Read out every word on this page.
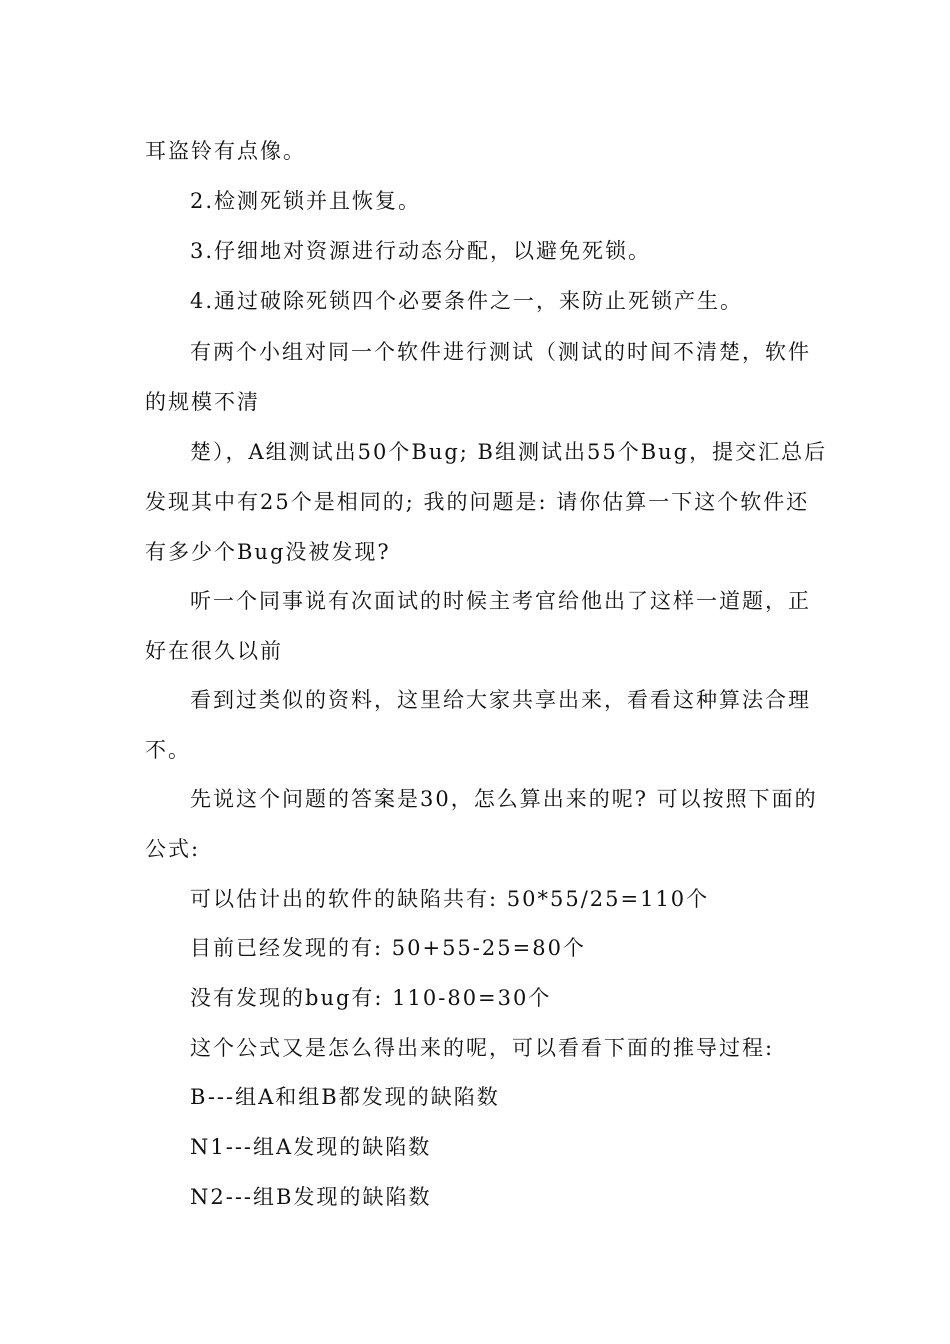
耳盗铃有点像。
2.检测死锁并且恢复。
3.仔细地对资源进行动态分配，以避免死锁。
4.通过破除死锁四个必要条件之一，来防止死锁产生。
有两个小组对同一个软件进行测试（测试的时间不清楚，软件
的规模不清
楚），A组测试出50个Bug; B组测试出55个Bug，提交汇总后
发现其中有25个是相同的; 我的问题是: 请你估算一下这个软件还
有多少个Bug没被发现?
听一个同事说有次面试的时候主考官给他出了这样一道题，正
好在很久以前
看到过类似的资料，这里给大家共享出来，看看这种算法合理
不。
先说这个问题的答案是30，怎么算出来的呢? 可以按照下面的
公式:
可以估计出的软件的缺陷共有: 50*55/25=110个
目前已经发现的有: 50+55-25=80个
没有发现的bug有: 110-80=30个
这个公式又是怎么得出来的呢，可以看看下面的推导过程:
B---组A和组B都发现的缺陷数
N1---组A发现的缺陷数
N2---组B发现的缺陷数
